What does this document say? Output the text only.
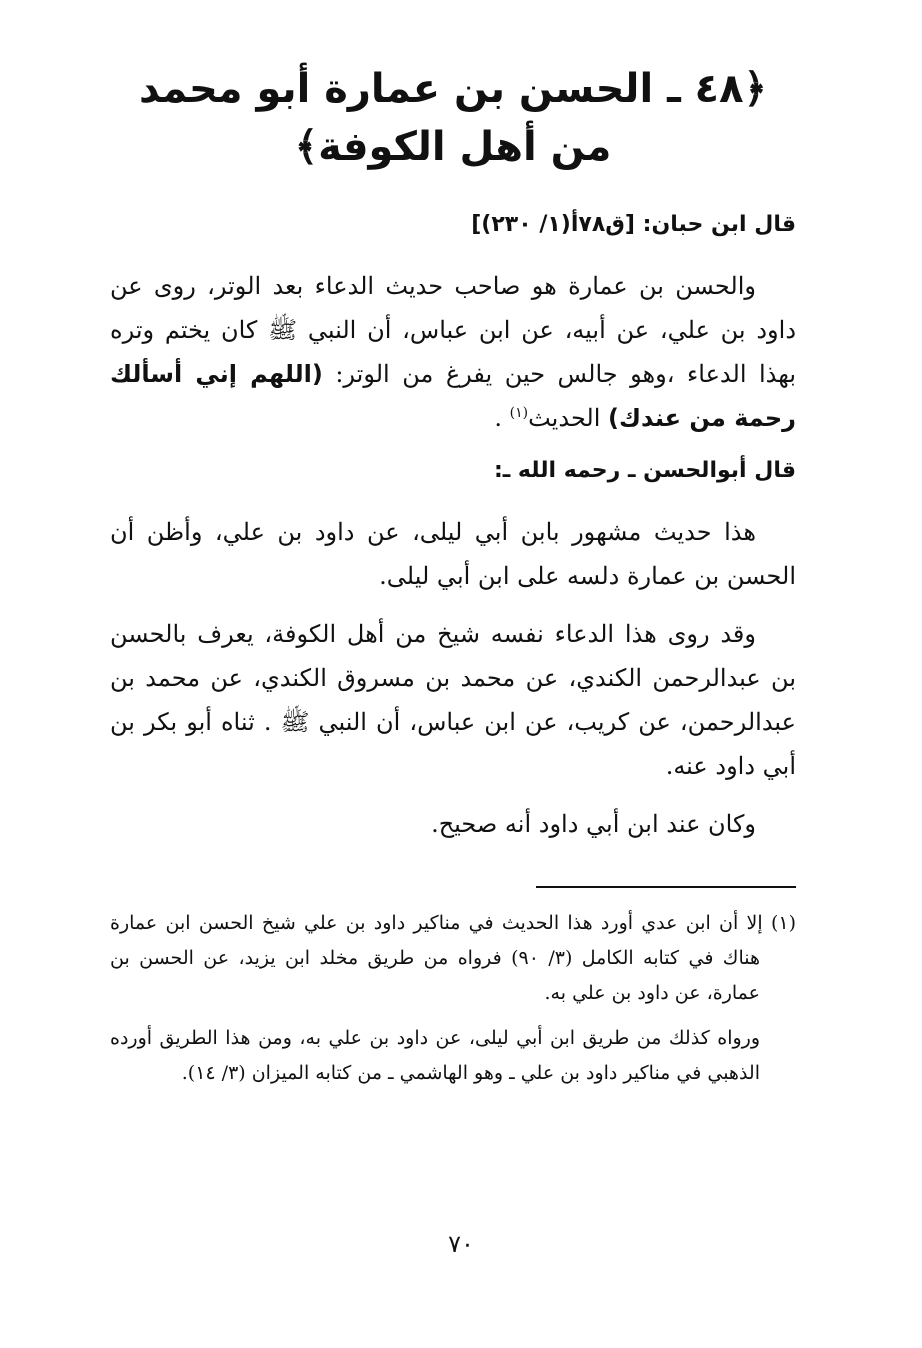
﴿٤٨ ـ الحسن بن عمارة أبو محمد من أهل الكوفة﴾

قال ابن حبان: [ق٧٨أ(١/ ٢٣٠)]

والحسن بن عمارة هو صاحب حديث الدعاء بعد الوتر، روى عن داود بن علي، عن أبيه، عن ابن عباس، أن النبي ﷺ كان يختم وتره بهذا الدعاء ،وهو جالس حين يفرغ من الوتر: (اللهم إني أسألك رحمة من عندك) الحديث$^{(١)}$ .

قال أبوالحسن ـ رحمه الله ـ:

هذا حديث مشهور بابن أبي ليلى، عن داود بن علي، وأظن أن الحسن بن عمارة دلسه على ابن أبي ليلى.

وقد روى هذا الدعاء نفسه شيخ من أهل الكوفة، يعرف بالحسن بن عبدالرحمن الكندي، عن محمد بن مسروق الكندي، عن محمد بن عبدالرحمن، عن كريب، عن ابن عباس، أن النبي ﷺ . ثناه أبو بكر بن أبي داود عنه.

وكان عند ابن أبي داود أنه صحيح.

(١) إلا أن ابن عدي أورد هذا الحديث في مناكير داود بن علي شيخ الحسن ابن عمارة هناك في كتابه الكامل (٣/ ٩٠) فرواه من طريق مخلد ابن يزيد، عن الحسن بن عمارة، عن داود بن علي به.

ورواه كذلك من طريق ابن أبي ليلى، عن داود بن علي به، ومن هذا الطريق أورده الذهبي في مناكير داود بن علي ـ وهو الهاشمي ـ من كتابه الميزان (٣/ ١٤).

٧٠
